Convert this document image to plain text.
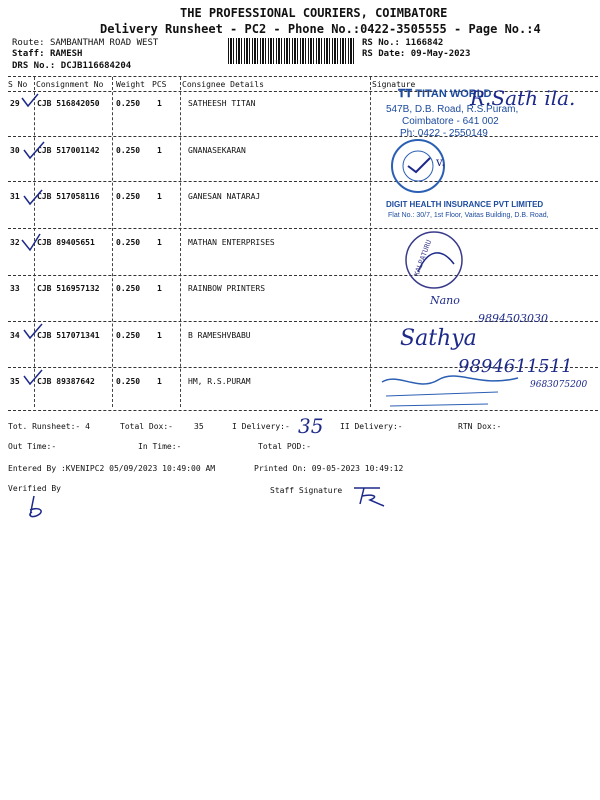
THE PROFESSIONAL COURIERS, COIMBATORE
Delivery Runsheet - PC2 - Phone No.:0422-3505555 - Page No.:4
Route: SAMBANTHAM ROAD WEST
Staff: RAMESH
DRS No.: DCJB116684204
RS No.: 1166842
RS Date: 09-May-2023
S No Consignment No Weight PCS Consignee Details	Signature
29 CJB 516842050 0.250 1	SATHEESH TITAN
30 CJB 517001142 0.250 1	GNANASEKARAN
31 CJB 517058116 0.250 1	GANESAN NATARAJ
32 CJB 89405651	0.250 1	MATHAN ENTERPRISES
33 CJB 516957132 0.250 1	RAINBOW PRINTERS
34 CJB 517071341 0.250 1	B RAMESHVBABU
35 CJB 89387642	0.250 1	HM, R.S.PURAM
𝐓𝐓 TITAN WORLD
547B, D.B. Road, R.S.Puram,
Coimbatore - 641 002
Ph: 0422 - 2550149
R.Sath ila.
v.
DIGIT HEALTH INSURANCE PVT LIMITED
Flat No.: 30/7, 1st Floor, Vaitas Building, D.B. Road,
KALPATURU
Nano
9894503030
Sathya
9894611511
9683075200
Tot. Runsheet:- 4	Total Dox:-	35	I Delivery:- 35 II Delivery:-	RTN Dox:-
Out Time:-	In Time:-	Total POD:-
Entered By :KVENIPC2 05/09/2023 10:49:00 AM	Printed On: 09-05-2023 10:49:12
Verified By	Staff Signature
